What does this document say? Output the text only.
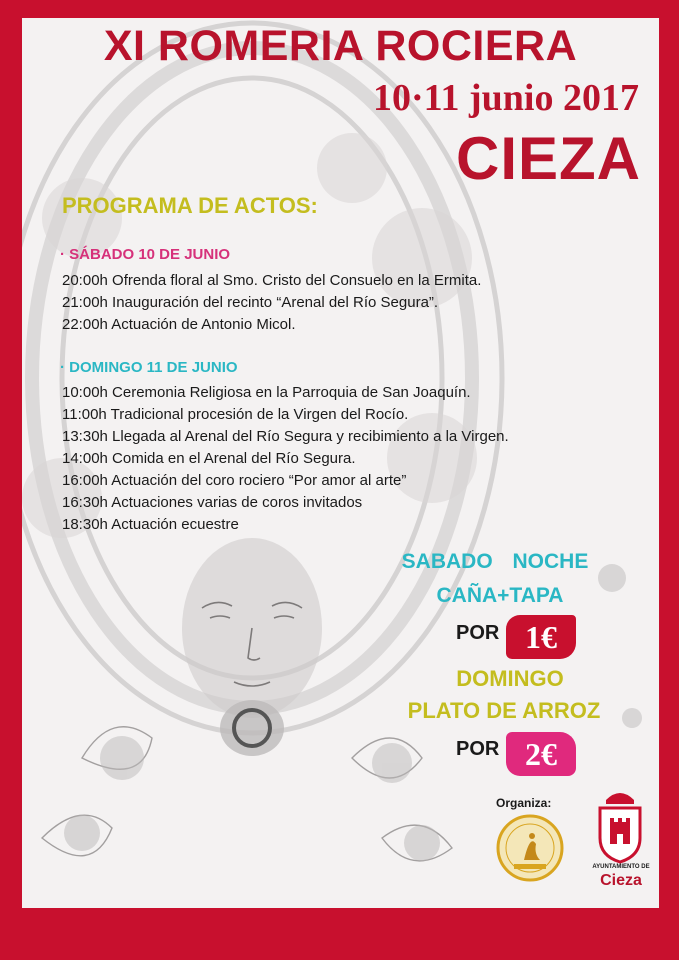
XI ROMERIA ROCIERA
10·11 junio 2017
CIEZA
PROGRAMA DE ACTOS:
· SÁBADO 10 DE JUNIO
20:00h Ofrenda floral al Smo. Cristo del Consuelo en la Ermita.
21:00h Inauguración del recinto “Arenal del Río Segura”.
22:00h Actuación de Antonio Micol.
· DOMINGO 11 DE JUNIO
10:00h Ceremonia Religiosa en la Parroquia de San Joaquín.
11:00h Tradicional procesión de la Virgen del Rocío.
13:30h Llegada al Arenal del Río Segura y recibimiento a la Virgen.
14:00h Comida en el Arenal del Río Segura.
16:00h Actuación del coro rociero “Por amor al arte”
16:30h Actuaciones varias de coros invitados
18:30h Actuación ecuestre
SABADO NOCHE
CAÑA+TAPA
POR 1€
DOMINGO
PLATO DE ARROZ
POR 2€
Organiza:
AYUNTAMIENTO DE
Cieza
